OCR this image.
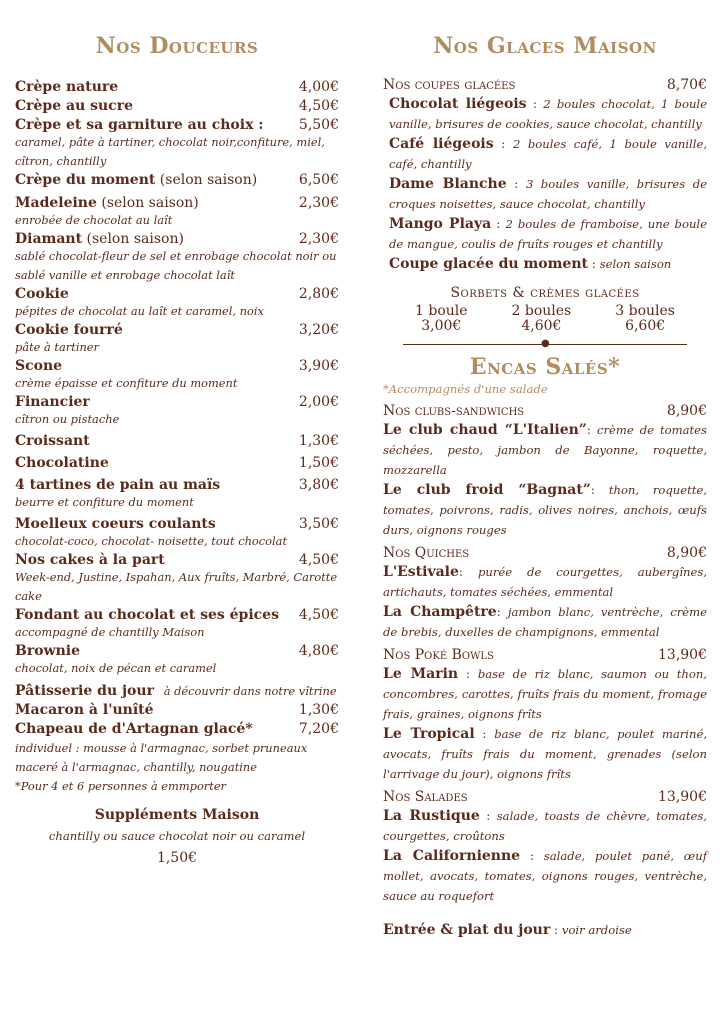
Nos Douceurs
Crèpe nature	4,00€
Crèpe au sucre	4,50€
Crèpe et sa garniture au choix :	5,50€
caramel, pâte à tartiner, chocolat noir,confiture, miel, cîtron, chantilly
Crèpe du moment (selon saison)	6,50€
Madeleine (selon saison)	2,30€
enrobée de chocolat au laît
Diamant (selon saison)	2,30€
sablé chocolat-fleur de sel et enrobage chocolat noir ou sablé vanille et enrobage chocolat laît
Cookie	2,80€
pépites de chocolat au laît et caramel, noix
Cookie fourré	3,20€
pâte à tartiner
Scone	3,90€
crème épaisse et confiture du moment
Financier	2,00€
cîtron ou pistache
Croissant	1,30€
Chocolatine	1,50€
4 tartines de pain au maïs	3,80€
beurre et confiture du moment
Moelleux coeurs coulants	3,50€
chocolat-coco, chocolat- noisette, tout chocolat
Nos cakes à la part	4,50€
Week-end, Justine, Ispahan, Aux fruîts, Marbré, Carotte cake
Fondant au chocolat et ses épices 4,50€
accompagné de chantilly Maison
Brownie	4,80€
chocolat, noix de pécan et caramel
Pâtisserie du jour à découvrir dans notre vîtrine
Macaron à l'unîté	1,30€
Chapeau de d'Artagnan glacé*	7,20€
individuel : mousse à l'armagnac, sorbet pruneaux maceré à l'armagnac, chantilly, nougatine
*Pour 4 et 6 personnes à emmporter
Suppléments Maison
chantilly ou sauce chocolat noir ou caramel
1,50€
Nos Glaces Maison
Nos coupes glacées	8,70€
Chocolat liégeois : 2 boules chocolat, 1 boule vanille, brisures de cookies, sauce chocolat, chantilly
Café liégeois : 2 boules café, 1 boule vanille, café, chantilly
Dame Blanche : 3 boules vanille, brisures de croques noisettes, sauce chocolat, chantilly
Mango Playa : 2 boules de framboise, une boule de mangue, coulis de fruîts rouges et chantilly
Coupe glacée du moment : selon saison
Sorbets & crèmes glacées
1 boule
3,00€
2 boules
4,60€
3 boules
6,60€
●
Encas Salés*
*Accompagnés d'une salade
Nos clubs-sandwichs	8,90€
Le club chaud “L'Italien”: crème de tomates séchées, pesto, jambon de Bayonne, roquette, mozzarella
Le club froid “Bagnat”: thon, roquette, tomates, poivrons, radis, olives noires, anchois, œufs durs, oignons rouges
Nos Quiches	8,90€
L'Estivale: purée de courgettes, aubergînes, artichauts, tomates séchées, emmental
La Champêtre: jambon blanc, ventrèche, crème de brebis, duxelles de champignons, emmental
Nos Poké Bowls	13,90€
Le Marin : base de riz blanc, saumon ou thon, concombres, carottes, fruîts frais du moment, fromage frais, graines, oignons frîts
Le Tropical : base de riz blanc, poulet mariné, avocats, fruîts frais du moment, grenades (selon l'arrivage du jour), oignons frîts
Nos Salades	13,90€
La Rustique : salade, toasts de chèvre, tomates, courgettes, croûtons
La Californienne : salade, poulet pané, œuf mollet, avocats, tomates, oignons rouges, ventrèche, sauce au roquefort
Entrée & plat du jour : voir ardoise
